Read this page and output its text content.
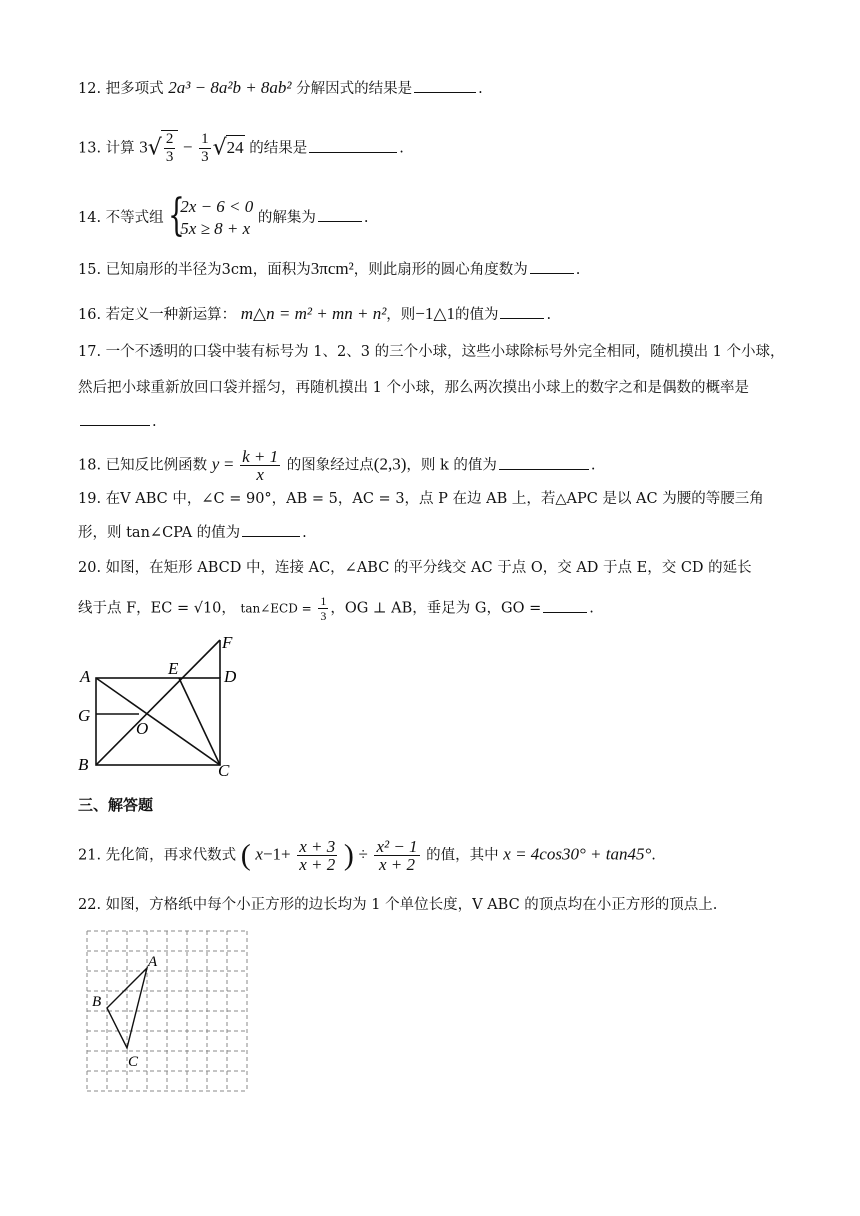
12. 把多项式 2a³ − 8a²b + 8ab² 分解因式的结果是	.
13. 计算 $3√ \frac{2}{3} - \frac{1}{3} √24$ 的结果是	.
14. 不等式组 {
2x − 6 < 0
5x ≥ 8 + x
的解集为	.
15. 已知扇形的半径为3cm，面积为3πcm²，则此扇形的圆心角度数为	.
16. 若定义一种新运算： m△n = m² + mn + n²，则−1△1的值为	.
17. 一个不透明的口袋中装有标号为 1、2、3 的三个小球，这些小球除标号外完全相同，随机摸出 1 个小球，
然后把小球重新放回口袋并摇匀，再随机摸出 1 个小球，那么两次摸出小球上的数字之和是偶数的概率是
.
18. 已知反比例函数 $y = \frac{k + 1}{x}$ 的图象经过点(2,3)，则 k 的值为	.
19. 在V ABC 中，∠C = 90°，AB = 5，AC = 3，点 P 在边 AB 上，若△APC 是以 AC 为腰的等腰三角
形，则 tan∠CPA 的值为	.
20. 如图，在矩形 ABCD 中，连接 AC，∠ABC 的平分线交 AC 于点 O，交 AD 于点 E，交 CD 的延长
线于点 F，EC = √10， tan∠ECD = $\frac{1}{3}$ ，OG ⊥ AB，垂足为 G，GO =	.
A
G
B	C
D
E
F
O
三、解答题
21. 先化简，再求代数式 ( $x-1+ \frac{x + 3}{x + 2}$ ) ÷ $\frac{\text{x² − 1}}{x + 2}$ 的值，其中 x = 4cos30° + tan45°.
22. 如图，方格纸中每个小正方形的边长均为 1 个单位长度，V ABC 的顶点均在小正方形的顶点上.
A
B
C
